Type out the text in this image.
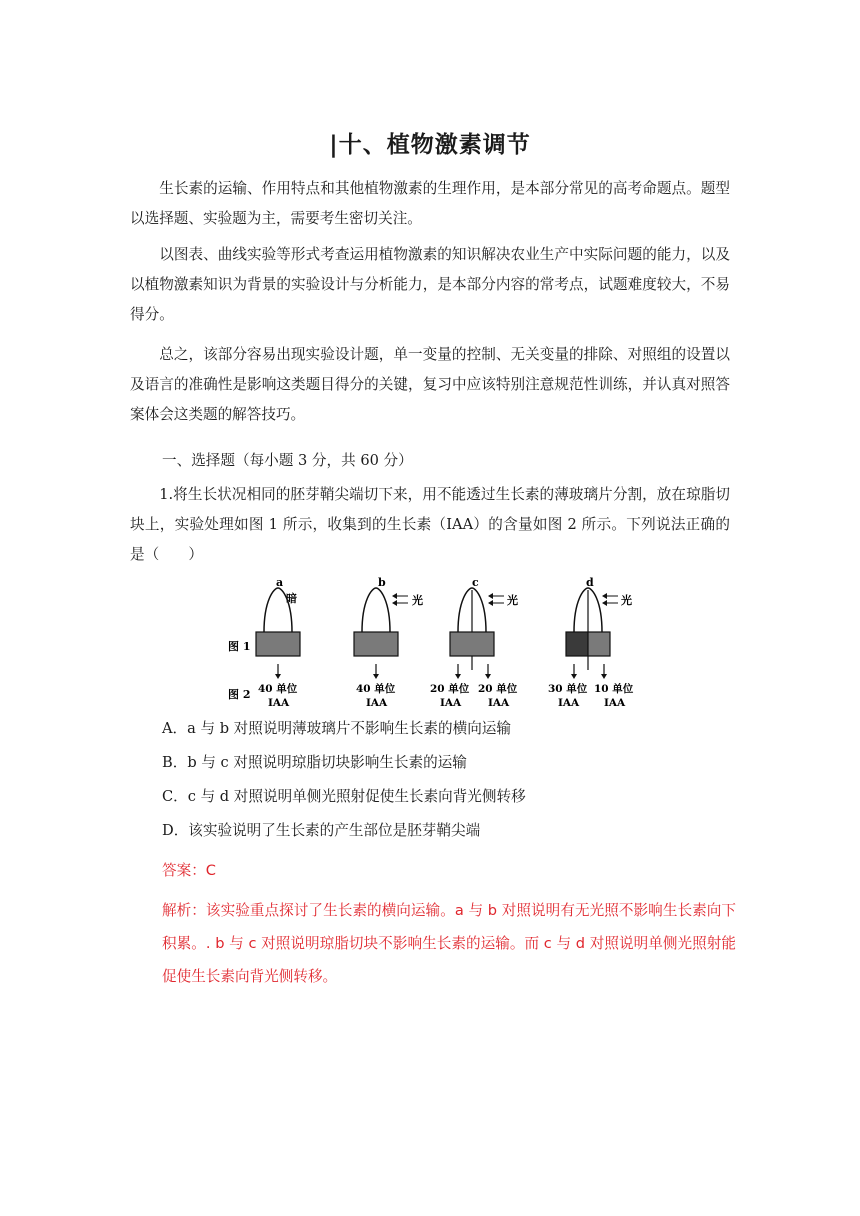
|十、植物激素调节
生长素的运输、作用特点和其他植物激素的生理作用，是本部分常见的高考命题点。题型以选择题、实验题为主，需要考生密切关注。
以图表、曲线实验等形式考查运用植物激素的知识解决农业生产中实际问题的能力，以及以植物激素知识为背景的实验设计与分析能力，是本部分内容的常考点，试题难度较大，不易得分。
总之，该部分容易出现实验设计题，单一变量的控制、无关变量的排除、对照组的设置以及语言的准确性是影响这类题目得分的关键，复习中应该特别注意规范性训练，并认真对照答案体会这类题的解答技巧。
一、选择题（每小题 3 分，共 60 分）
1.将生长状况相同的胚芽鞘尖端切下来，用不能透过生长素的薄玻璃片分割，放在琼脂切块上，实验处理如图 1 所示，收集到的生长素（IAA）的含量如图 2 所示。下列说法正确的是（　　）
图 1
图 2
a
暗
40 单位
IAA
b
光
40 单位
IAA
c
光
20 单位 20 单位
IAA	IAA
d
光
30 单位 10 单位
IAA IAA
A．a 与 b 对照说明薄玻璃片不影响生长素的横向运输
B．b 与 c 对照说明琼脂切块影响生长素的运输
C．c 与 d 对照说明单侧光照射促使生长素向背光侧转移
D．该实验说明了生长素的产生部位是胚芽鞘尖端
答案：C
解析：该实验重点探讨了生长素的横向运输。a 与 b 对照说明有无光照不影响生长素向下积累。. b 与 c 对照说明琼脂切块不影响生长素的运输。而 c 与 d 对照说明单侧光照射能促使生长素向背光侧转移。
